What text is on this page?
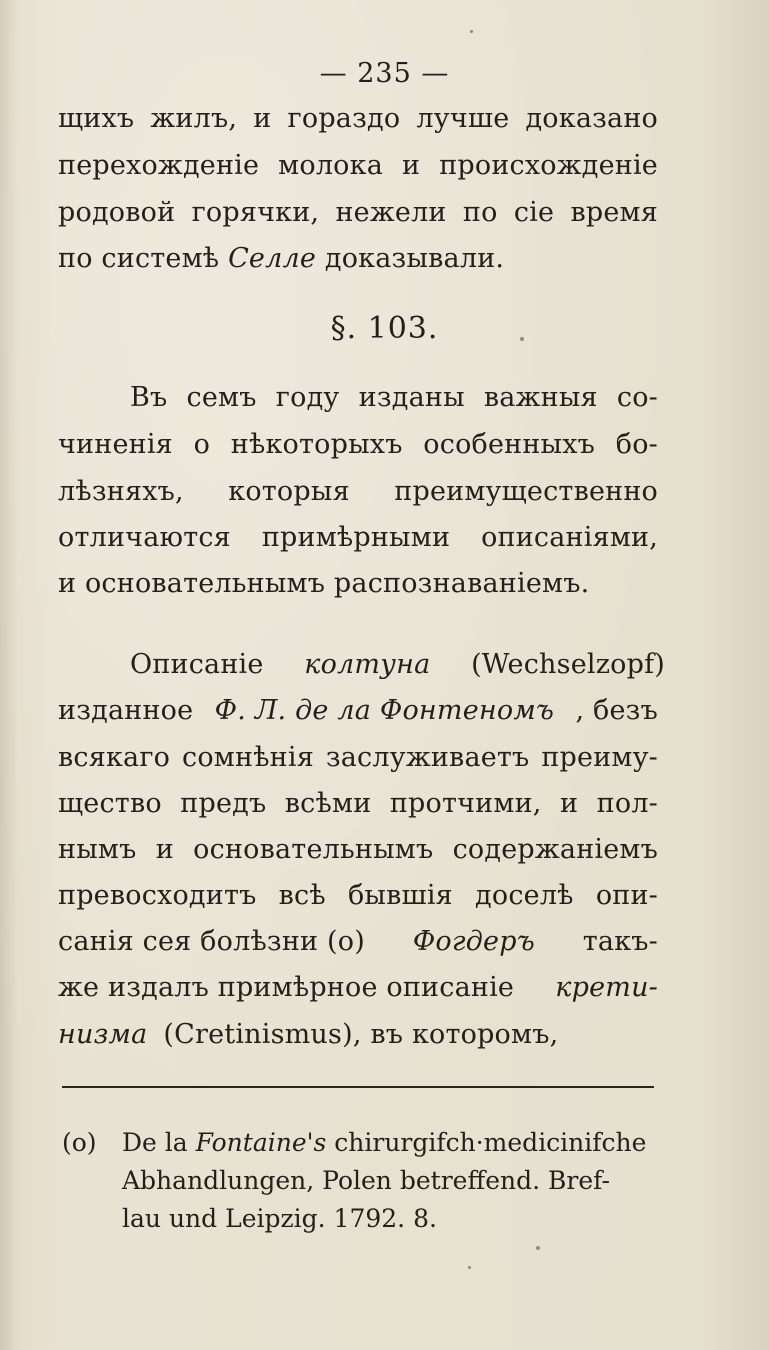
— 235 —
щихъ жилъ, и гораздо лучше доказано
перехожденіе молока и происхожденіе
родовой горячки, нежели по сіе время
по системѣ Селле доказывали.
§. 103.
Въ семъ году изданы важныя со-
чиненія о нѣкоторыхъ особенныхъ бо-
лѣзняхъ, которыя преимущественно
отличаются примѣрными описаніями,
и основательнымъ распознаваніемъ.
Описаніе колтуна (Wechselzopf)
изданное Ф. Л. де ла Фонтеномъ , безъ
всякаго сомнѣнія заслуживаетъ преиму-
щество предъ всѣми протчими, и пол-
нымъ и основательнымъ содержаніемъ
превосходитъ всѣ бывшія доселѣ опи-
санія сея болѣзни (о) Фогдеръ такъ-
же издалъ примѣрное описаніе крети-
низма (Cretinismus), въ которомъ,
(о) De la Fontaine's chirurgifch·medicinifche
Abhandlungen, Polen betreffend. Bref-
lau und Leipzig. 1792. 8.
